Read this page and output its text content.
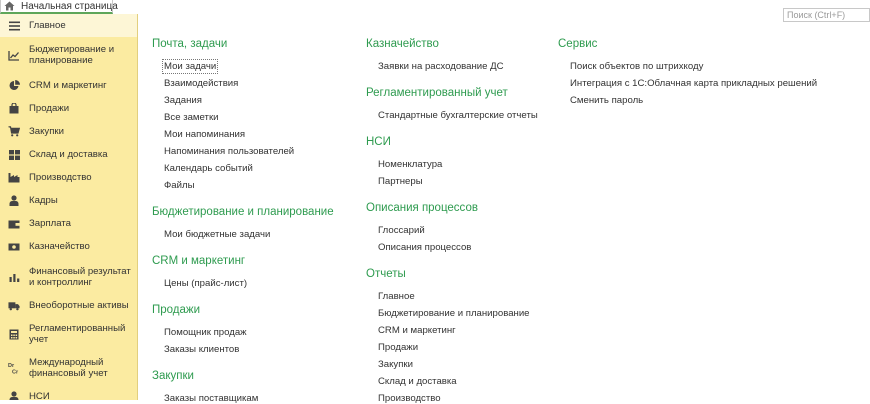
Начальная страница
Поиск (Ctrl+F)
Главное
Бюджетирование и планирование
CRM и маркетинг
Продажи
Закупки
Склад и доставка
Производство
Кадры
Зарплата
Казначейство
Финансовый результат и контроллинг
Внеоборотные активы
Регламентированный учет
Dr
Cr
Международный финансовый учет
НСИ
Почта, задачи
Мои задачи
Взаимодействия
Задания
Все заметки
Мои напоминания
Напоминания пользователей
Календарь событий
Файлы
Бюджетирование и планирование
Мои бюджетные задачи
CRM и маркетинг
Цены (прайс-лист)
Продажи
Помощник продаж
Заказы клиентов
Закупки
Заказы поставщикам
Казначейство
Заявки на расходование ДС
Регламентированный учет
Стандартные бухгалтерские отчеты
НСИ
Номенклатура
Партнеры
Описания процессов
Глоссарий
Описания процессов
Отчеты
Главное
Бюджетирование и планирование
CRM и маркетинг
Продажи
Закупки
Склад и доставка
Производство
Сервис
Поиск объектов по штрихкоду
Интеграция с 1С:Облачная карта прикладных решений
Сменить пароль
